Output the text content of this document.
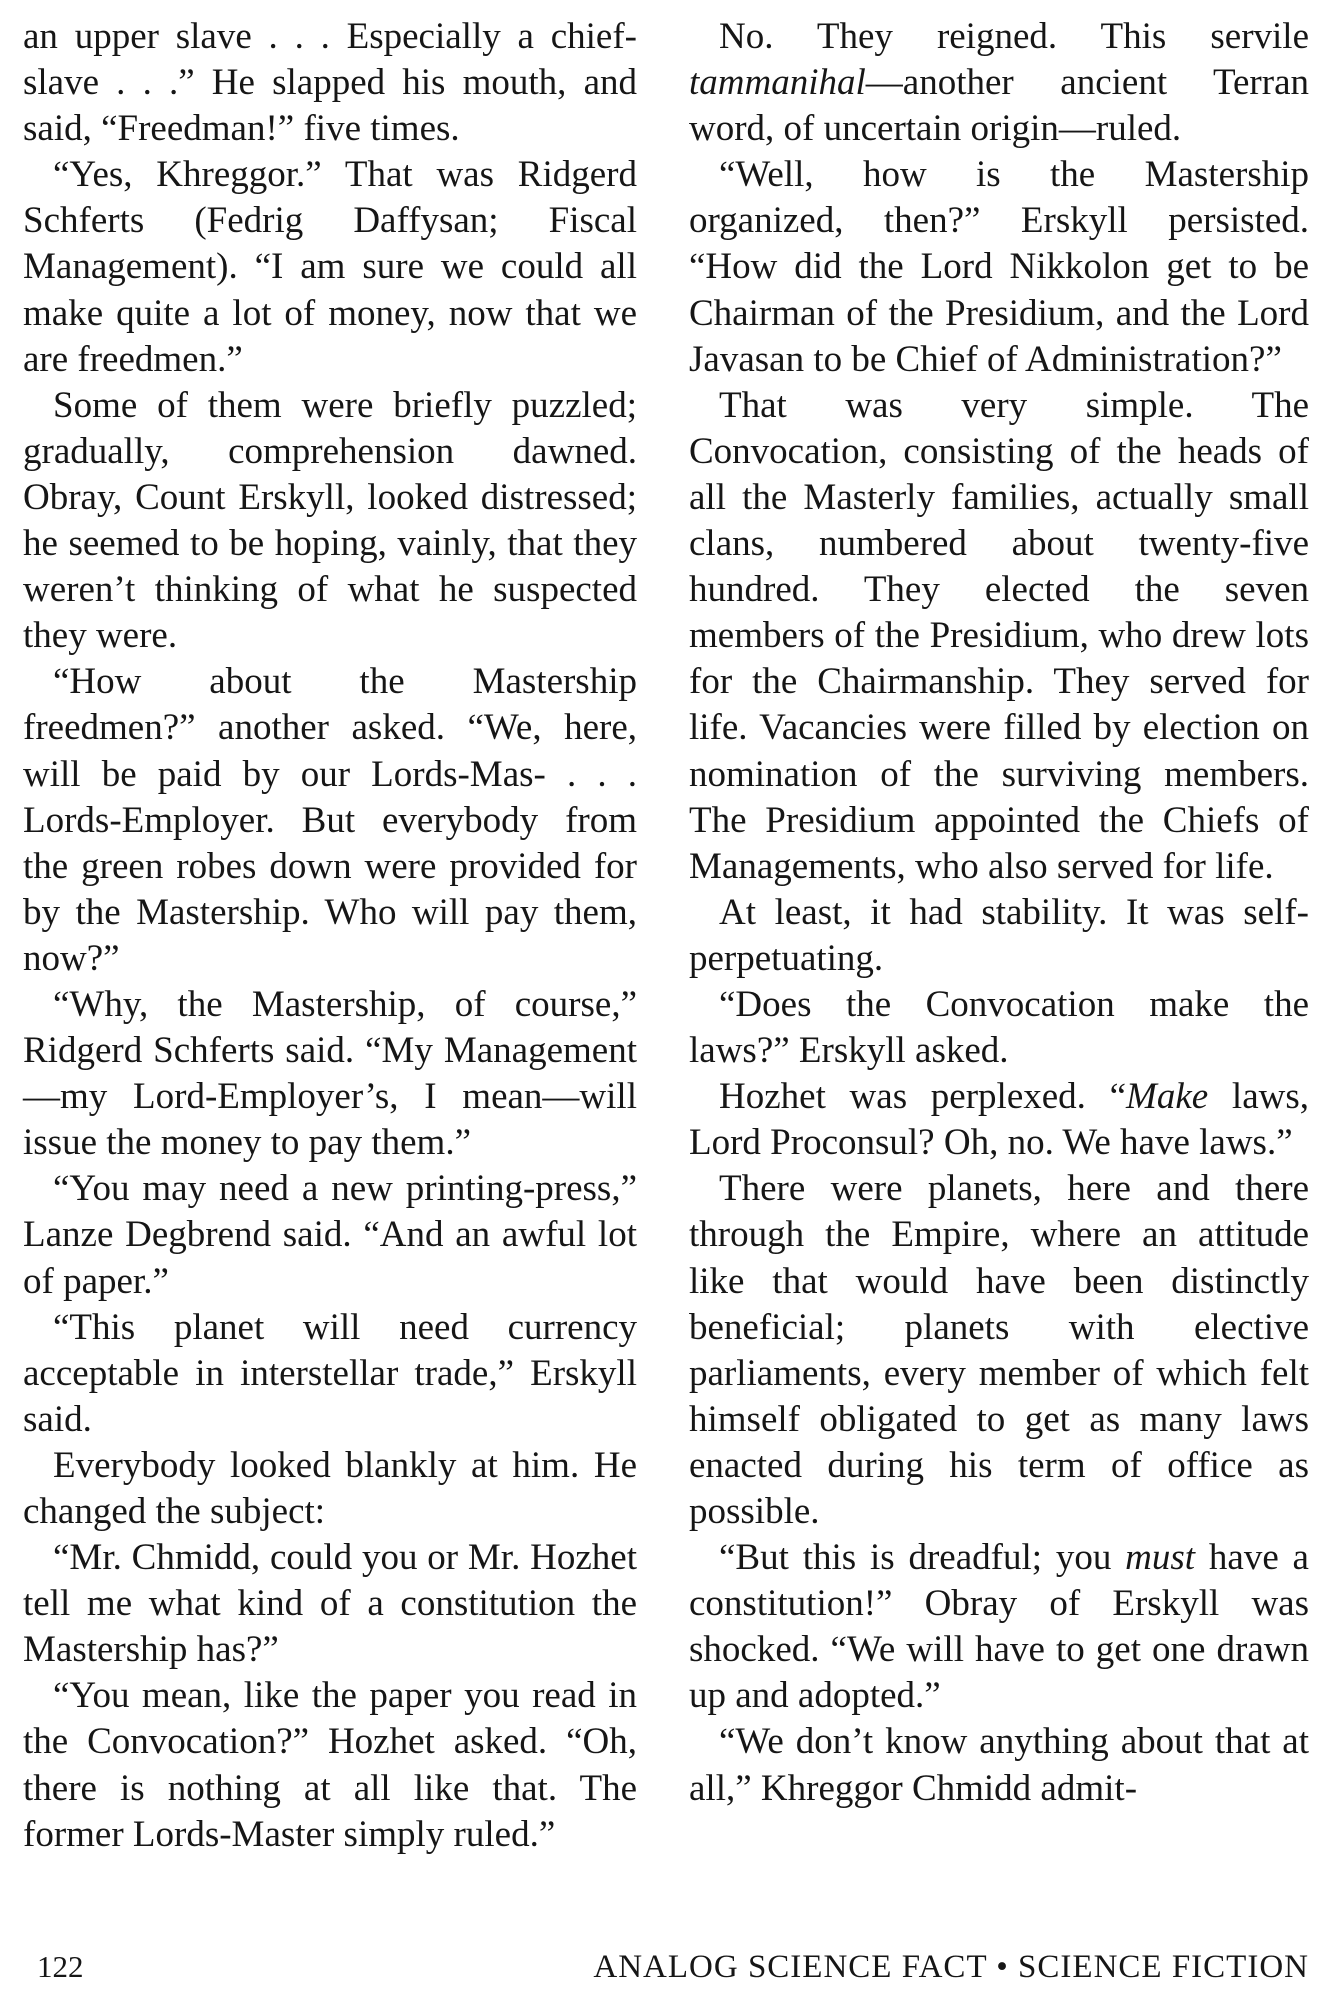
an upper slave . . . Especially a chief-slave . . .” He slapped his mouth, and said, “Freedman!” five times.

“Yes, Khreggor.” That was Ridgerd Schferts (Fedrig Daffysan; Fiscal Management). “I am sure we could all make quite a lot of money, now that we are freedmen.”

Some of them were briefly puzzled; gradually, comprehension dawned. Obray, Count Erskyll, looked distressed; he seemed to be hoping, vainly, that they weren’t thinking of what he suspected they were.

“How about the Mastership freedmen?” another asked. “We, here, will be paid by our Lords-Mas- . . . Lords-Employer. But everybody from the green robes down were provided for by the Mastership. Who will pay them, now?”

“Why, the Mastership, of course,” Ridgerd Schferts said. “My Management—my Lord-Employer’s, I mean—will issue the money to pay them.”

“You may need a new printing-press,” Lanze Degbrend said. “And an awful lot of paper.”

“This planet will need currency acceptable in interstellar trade,” Erskyll said.

Everybody looked blankly at him. He changed the subject:

“Mr. Chmidd, could you or Mr. Hozhet tell me what kind of a constitution the Mastership has?”

“You mean, like the paper you read in the Convocation?” Hozhet asked. “Oh, there is nothing at all like that. The former Lords-Master simply ruled.”

No. They reigned. This servile tammanihal—another ancient Terran word, of uncertain origin—ruled.

“Well, how is the Mastership organized, then?” Erskyll persisted. “How did the Lord Nikkolon get to be Chairman of the Presidium, and the Lord Javasan to be Chief of Administration?”

That was very simple. The Convocation, consisting of the heads of all the Masterly families, actually small clans, numbered about twenty-five hundred. They elected the seven members of the Presidium, who drew lots for the Chairmanship. They served for life. Vacancies were filled by election on nomination of the surviving members. The Presidium appointed the Chiefs of Managements, who also served for life.

At least, it had stability. It was self-perpetuating.

“Does the Convocation make the laws?” Erskyll asked.

Hozhet was perplexed. “Make laws, Lord Proconsul? Oh, no. We have laws.”

There were planets, here and there through the Empire, where an attitude like that would have been distinctly beneficial; planets with elective parliaments, every member of which felt himself obligated to get as many laws enacted during his term of office as possible.

“But this is dreadful; you must have a constitution!” Obray of Erskyll was shocked. “We will have to get one drawn up and adopted.”

“We don’t know anything about that at all,” Khreggor Chmidd admit-

122	ANALOG SCIENCE FACT • SCIENCE FICTION
